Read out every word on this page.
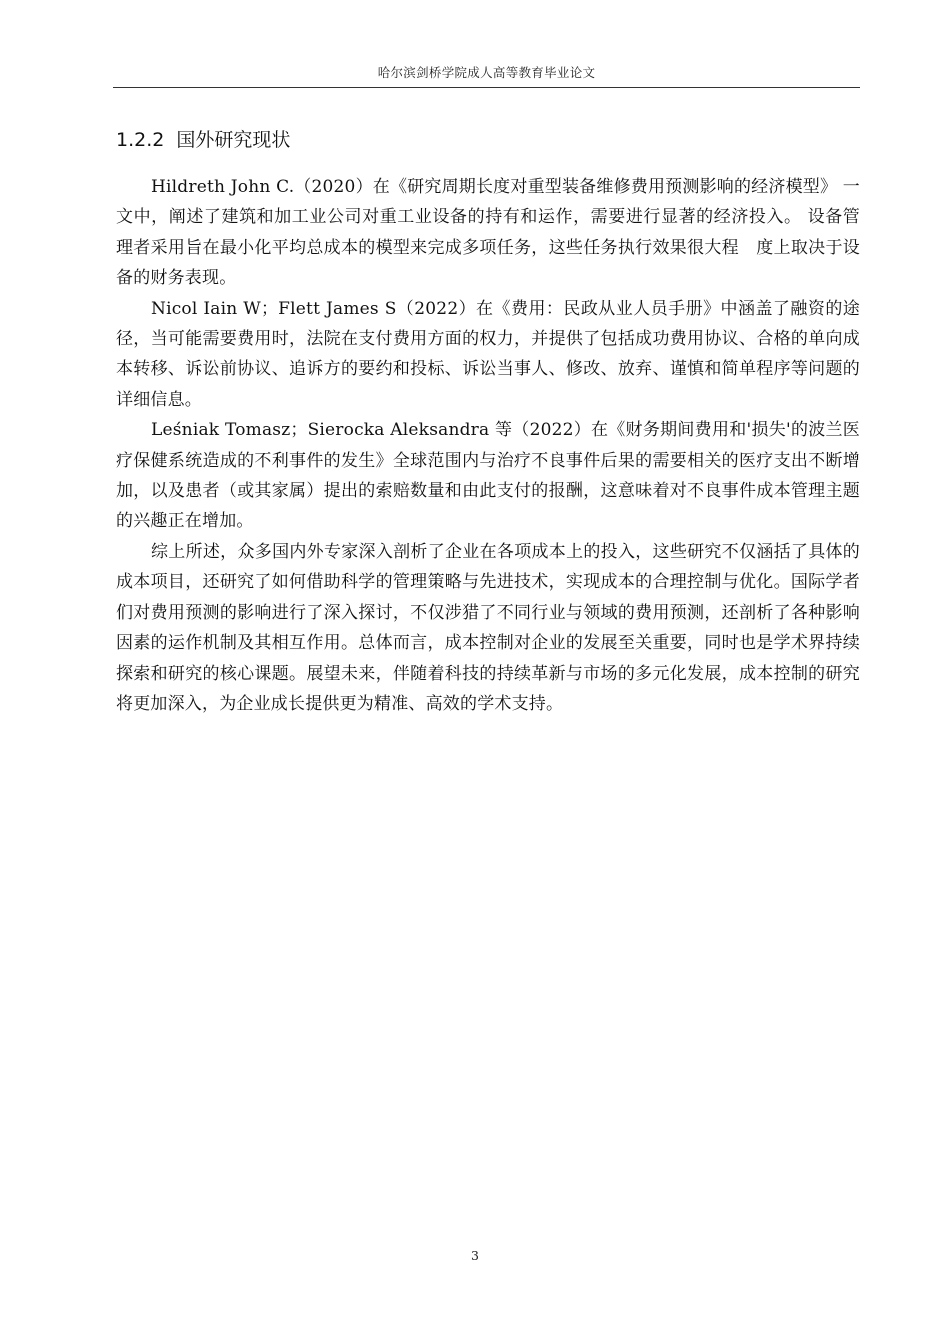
哈尔滨剑桥学院成人高等教育毕业论文
1.2.2 国外研究现状

Hildreth John C.（2020）在《研究周期长度对重型装备维修费用预测影响的经济模型》 一文中，阐述了建筑和加工业公司对重工业设备的持有和运作，需要进行显著的经济投入。 设备管理者采用旨在最小化平均总成本的模型来完成多项任务，这些任务执行效果很大程　度上取决于设备的财务表现。

Nicol Iain W；Flett James S（2022）在《费用：民政从业人员手册》中涵盖了融资的途径，当可能需要费用时，法院在支付费用方面的权力，并提供了包括成功费用协议、合格的单向成本转移、诉讼前协议、追诉方的要约和投标、诉讼当事人、修改、放弃、谨慎和简单程序等问题的详细信息。

Leśniak Tomasz；Sierocka Aleksandra 等（2022）在《财务期间费用和'损失'的波兰医疗保健系统造成的不利事件的发生》全球范围内与治疗不良事件后果的需要相关的医疗支出不断增加，以及患者（或其家属）提出的索赔数量和由此支付的报酬，这意味着对不良事件成本管理主题的兴趣正在增加。

综上所述，众多国内外专家深入剖析了企业在各项成本上的投入，这些研究不仅涵括了具体的成本项目，还研究了如何借助科学的管理策略与先进技术，实现成本的合理控制与优化。国际学者们对费用预测的影响进行了深入探讨，不仅涉猎了不同行业与领域的费用预测，还剖析了各种影响因素的运作机制及其相互作用。总体而言，成本控制对企业的发展至关重要，同时也是学术界持续探索和研究的核心课题。展望未来，伴随着科技的持续革新与市场的多元化发展，成本控制的研究将更加深入，为企业成长提供更为精准、高效的学术支持。

3
